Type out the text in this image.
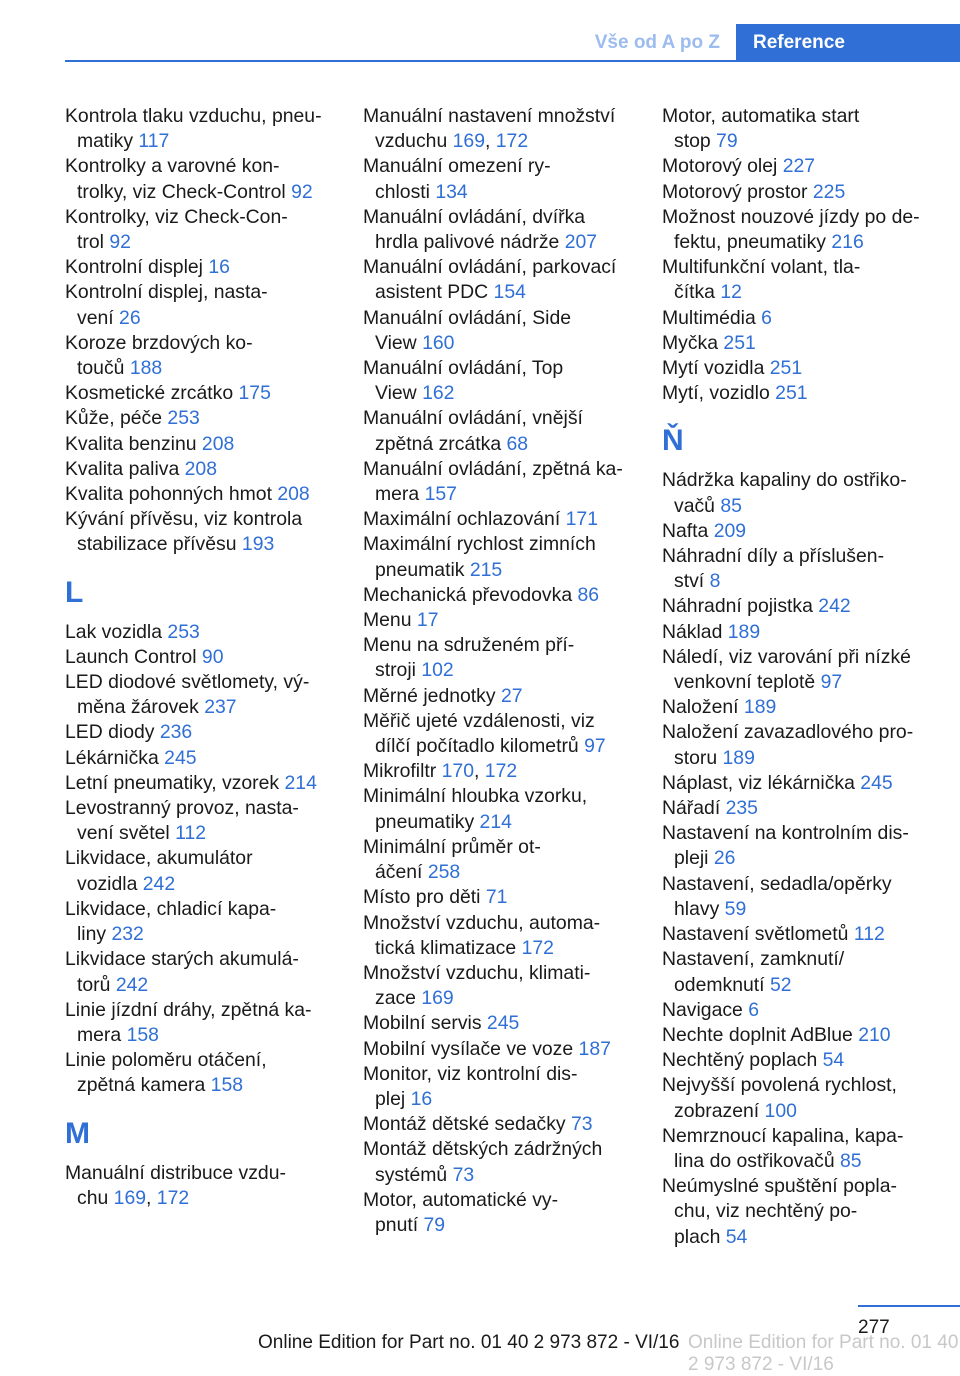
Vše od A po Z Reference
Kontrola tlaku vzduchu, pneu‐
matiky 117
Kontrolky a varovné kon‐
trolky, viz Check-Control 92
Kontrolky, viz Check-Con‐
trol 92
Kontrolní displej 16
Kontrolní displej, nasta‐
vení 26
Koroze brzdových ko‐
toučů 188
Kosmetické zrcátko 175
Kůže, péče 253
Kvalita benzinu 208
Kvalita paliva 208
Kvalita pohonných hmot 208
Kývání přívěsu, viz kontrola
stabilizace přívěsu 193
L
Lak vozidla 253
Launch Control 90
LED diodové světlomety, vý‐
měna žárovek 237
LED diody 236
Lékárnička 245
Letní pneumatiky, vzorek 214
Levostranný provoz, nasta‐
vení světel 112
Likvidace, akumulátor
vozidla 242
Likvidace, chladicí kapa‐
liny 232
Likvidace starých akumulá‐
torů 242
Linie jízdní dráhy, zpětná ka‐
mera 158
Linie poloměru otáčení,
zpětná kamera 158
M
Manuální distribuce vzdu‐
chu 169, 172
Manuální nastavení množství
vzduchu 169, 172
Manuální omezení ry‐
chlosti 134
Manuální ovládání, dvířka
hrdla palivové nádrže 207
Manuální ovládání, parkovací
asistent PDC 154
Manuální ovládání, Side
View 160
Manuální ovládání, Top
View 162
Manuální ovládání, vnější
zpětná zrcátka 68
Manuální ovládání, zpětná ka‐
mera 157
Maximální ochlazování 171
Maximální rychlost zimních
pneumatik 215
Mechanická převodovka 86
Menu 17
Menu na sdruženém pří‐
stroji 102
Měrné jednotky 27
Měřič ujeté vzdálenosti, viz
dílčí počítadlo kilometrů 97
Mikrofiltr 170, 172
Minimální hloubka vzorku,
pneumatiky 214
Minimální průměr ot‐
áčení 258
Místo pro děti 71
Množství vzduchu, automa‐
tická klimatizace 172
Množství vzduchu, klimati‐
zace 169
Mobilní servis 245
Mobilní vysílače ve voze 187
Monitor, viz kontrolní dis‐
plej 16
Montáž dětské sedačky 73
Montáž dětských zádržných
systémů 73
Motor, automatické vy‐
pnutí 79
Motor, automatika start
stop 79
Motorový olej 227
Motorový prostor 225
Možnost nouzové jízdy po de‐
fektu, pneumatiky 216
Multifunkční volant, tla‐
čítka 12
Multimédia 6
Myčka 251
Mytí vozidla 251
Mytí, vozidlo 251
Ň
Nádržka kapaliny do ostřiko‐
vačů 85
Nafta 209
Náhradní díly a příslušen‐
ství 8
Náhradní pojistka 242
Náklad 189
Náledí, viz varování při nízké
venkovní teplotě 97
Naložení 189
Naložení zavazadlového pro‐
storu 189
Náplast, viz lékárnička 245
Nářadí 235
Nastavení na kontrolním dis‐
pleji 26
Nastavení, sedadla/opěrky
hlavy 59
Nastavení světlometů 112
Nastavení, zamknutí/
odemknutí 52
Navigace 6
Nechte doplnit AdBlue 210
Nechtěný poplach 54
Nejvyšší povolená rychlost,
zobrazení 100
Nemrznoucí kapalina, kapa‐
lina do ostřikovačů 85
Neúmyslné spuštění popla‐
chu, viz nechtěný po‐
plach 54
277
Online Edition for Part no. 01 40 2 973 872 - VI/16 Online Edition for Part no. 01 40 2 973 872 - VI/16
